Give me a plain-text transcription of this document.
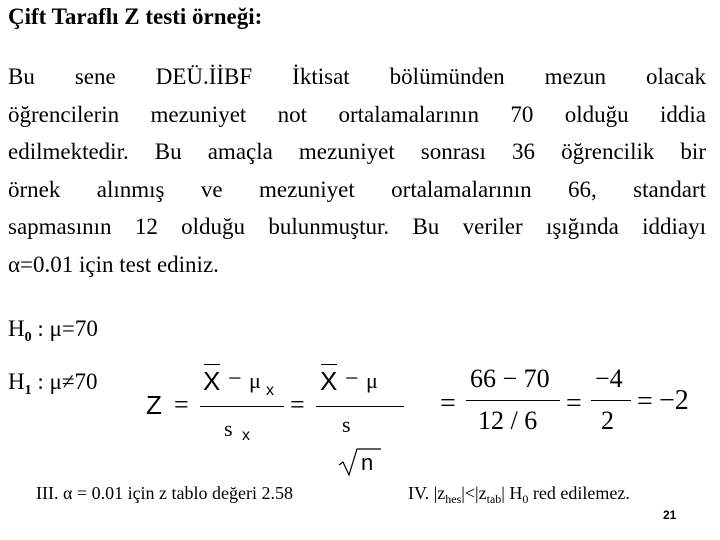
Çift Taraflı Z testi örneği:
Bu sene DEÜ.İİBF İktisat bölümünden mezun olacak
öğrencilerin mezuniyet not ortalamalarının 70 olduğu iddia
edilmektedir. Bu amaçla mezuniyet sonrası 36 öğrencilik bir
örnek alınmış ve mezuniyet ortalamalarının 66, standart
sapmasının 12 olduğu bulunmuştur. Bu veriler ışığında iddiayı
α=0.01 için test ediniz.
$H_0$ : μ=70
$H_1$ : μ≠70
Z =
X − μ x
s x
=
X − μ
s
n
=
66 − 70
12 / 6
=
−4
2
= −2
III. α = 0.01 için z tablo değeri 2.58	IV. $|z_{hes}|<|z_{tab}|$ $H_0$ red edilemez.
21
